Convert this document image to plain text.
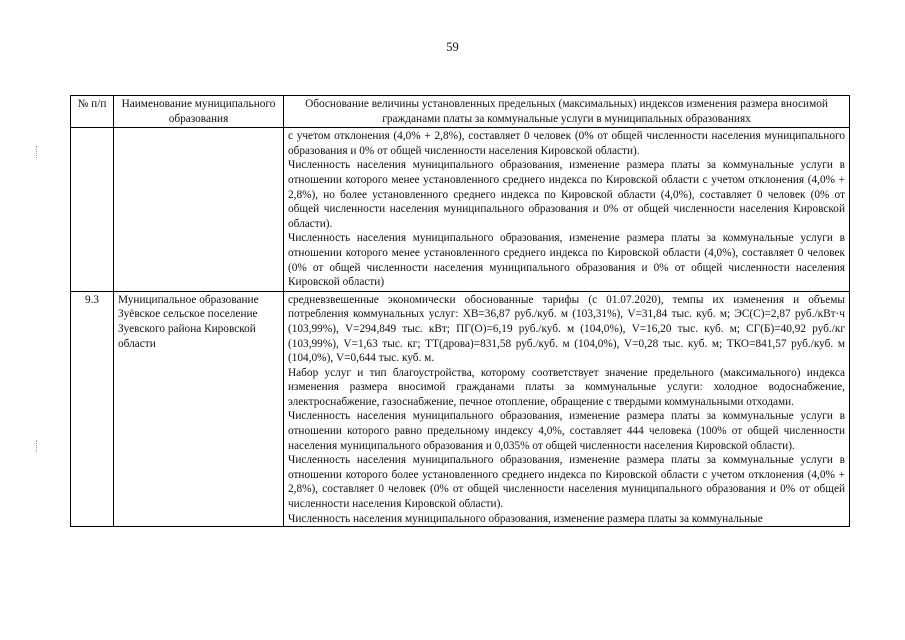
59
№ п/п	Наименование муниципального образования	Обоснование величины установленных предельных (максимальных) индексов изменения размера вносимой гражданами платы за коммунальные услуги в муниципальных образованиях

		с учетом отклонения (4,0% + 2,8%), составляет 0 человек (0% от общей численности населения муниципального образования и 0% от общей численности населения Кировской области).
Численность населения муниципального образования, изменение размера платы за коммунальные услуги в отношении которого менее установленного среднего индекса по Кировской области с учетом отклонения (4,0% + 2,8%), но более установленного среднего индекса по Кировской области (4,0%), составляет 0 человек (0% от общей численности населения муниципального образования и 0% от общей численности населения Кировской области).
Численность населения муниципального образования, изменение размера платы за коммунальные услуги в отношении которого менее установленного среднего индекса по Кировской области (4,0%), составляет 0 человек (0% от общей численности населения муниципального образования и 0% от общей численности населения Кировской области)

9.3	Муниципальное образование Зуёвское сельское поселение Зуевского района Кировской области	средневзвешенные экономически обоснованные тарифы (с 01.07.2020), темпы их изменения и объемы потребления коммунальных услуг: ХВ=36,87 руб./куб. м (103,31%), V=31,84 тыс. куб. м; ЭС(С)=2,87 руб./кВт·ч (103,99%), V=294,849 тыс. кВт; ПГ(О)=6,19 руб./куб. м (104,0%), V=16,20 тыс. куб. м; СГ(Б)=40,92 руб./кг (103,99%), V=1,63 тыс. кг; ТТ(дрова)=831,58 руб./куб. м (104,0%), V=0,28 тыс. куб. м; ТКО=841,57 руб./куб. м (104,0%), V=0,644 тыс. куб. м.
Набор услуг и тип благоустройства, которому соответствует значение предельного (максимального) индекса изменения размера вносимой гражданами платы за коммунальные услуги: холодное водоснабжение, электроснабжение, газоснабжение, печное отопление, обращение с твердыми коммунальными отходами.
Численность населения муниципального образования, изменение размера платы за коммунальные услуги в отношении которого равно предельному индексу 4,0%, составляет 444 человека (100% от общей численности населения муниципального образования и 0,035% от общей численности населения Кировской области).
Численность населения муниципального образования, изменение размера платы за коммунальные услуги в отношении которого более установленного среднего индекса по Кировской области с учетом отклонения (4,0% + 2,8%), составляет 0 человек (0% от общей численности населения муниципального образования и 0% от общей численности населения Кировской области).
Численность населения муниципального образования, изменение размера платы за коммунальные
